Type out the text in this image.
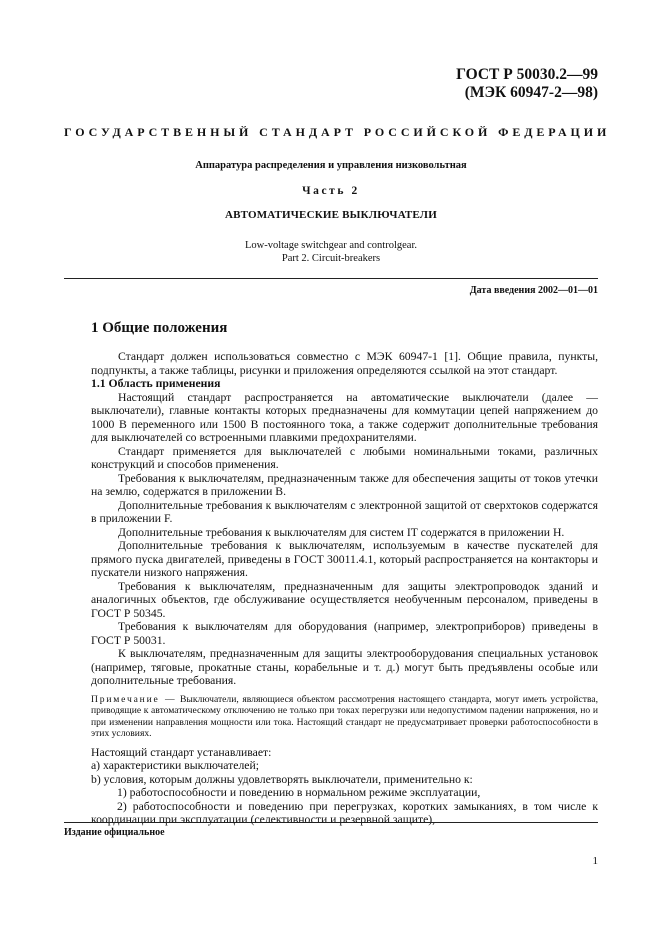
ГОСТ Р 50030.2—99
(МЭК 60947-2—98)
ГОСУДАРСТВЕННЫЙ СТАНДАРТ РОССИЙСКОЙ ФЕДЕРАЦИИ
Аппаратура распределения и управления низковольтная
Часть 2
АВТОМАТИЧЕСКИЕ ВЫКЛЮЧАТЕЛИ
Low-voltage switchgear and controlgear.
Part 2. Circuit-breakers
Дата введения 2002—01—01
1 Общие положения

Стандарт должен использоваться совместно с МЭК 60947-1 [1]. Общие правила, пункты, подпункты, а также таблицы, рисунки и приложения определяются ссылкой на этот стандарт.

1.1 Область применения

Настоящий стандарт распространяется на автоматические выключатели (далее — выключатели), главные контакты которых предназначены для коммутации цепей напряжением до 1000 В переменного или 1500 В постоянного тока, а также содержит дополнительные требования для выключателей со встроенными плавкими предохранителями.

Стандарт применяется для выключателей с любыми номинальными токами, различных конструкций и способов применения.

Требования к выключателям, предназначенным также для обеспечения защиты от токов утечки на землю, содержатся в приложении В.

Дополнительные требования к выключателям с электронной защитой от сверхтоков содержатся в приложении F.

Дополнительные требования к выключателям для систем IT содержатся в приложении Н.

Дополнительные требования к выключателям, используемым в качестве пускателей для прямого пуска двигателей, приведены в ГОСТ 30011.4.1, который распространяется на контакторы и пускатели низкого напряжения.

Требования к выключателям, предназначенным для защиты электропроводок зданий и аналогичных объектов, где обслуживание осуществляется необученным персоналом, приведены в ГОСТ Р 50345.

Требования к выключателям для оборудования (например, электроприборов) приведены в ГОСТ Р 50031.

К выключателям, предназначенным для защиты электрооборудования специальных установок (например, тяговые, прокатные станы, корабельные и т. д.) могут быть предъявлены особые или дополнительные требования.

Примечание — Выключатели, являющиеся объектом рассмотрения настоящего стандарта, могут иметь устройства, приводящие к автоматическому отключению не только при токах перегрузки или недопустимом падении напряжения, но и при изменении направления мощности или тока. Настоящий стандарт не предусматривает проверки работоспособности в этих условиях.

Настоящий стандарт устанавливает:

а) характеристики выключателей;

b) условия, которым должны удовлетворять выключатели, применительно к:

1) работоспособности и поведению в нормальном режиме эксплуатации,

2) работоспособности и поведению при перегрузках, коротких замыканиях, в том числе к координации при эксплуатации (селективности и резервной защите),

Издание официальное
1
